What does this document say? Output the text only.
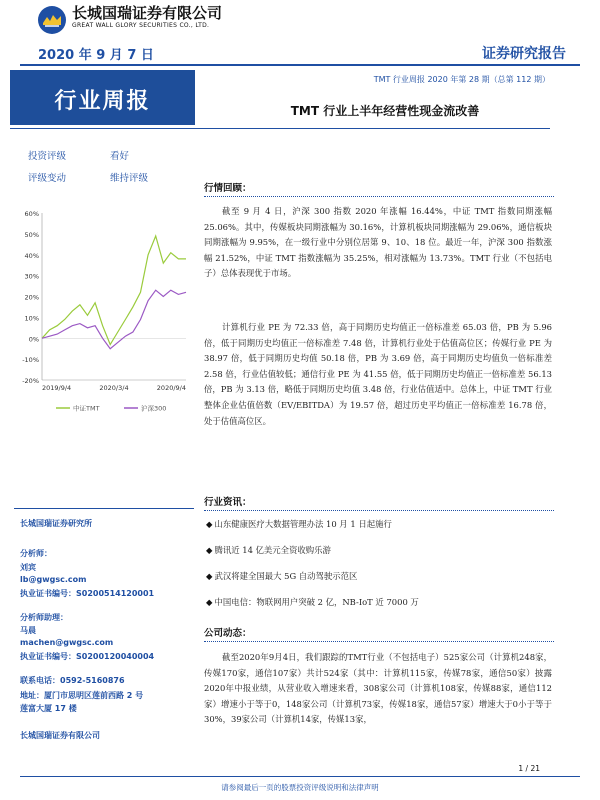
长城国瑞证券有限公司
GREAT WALL GLORY SECURITIES CO., LTD.
2020 年 9 月 7 日	证券研究报告
行业周报
TMT 行业周报 2020 年第 28 期（总第 112 期）
TMT 行业上半年经营性现金流改善
投资评级	看好
评级变动	维持评级
60%
50%
40%
30%
20%
10%
0%
-10%
-20%
2019/9/4	2020/3/4	2020/9/4
中证TMT	沪深300
长城国瑞证券研究所
分析师：
刘宾
lb@gwgsc.com
执业证书编号：S0200514120001
分析师助理：
马晨
machen@gwgsc.com
执业证书编号：S0200120040004
联系电话：0592-5160876
地址：厦门市思明区莲前西路 2 号
莲富大厦 17 楼
长城国瑞证券有限公司
行情回顾：
截至 9 月 4 日，沪深 300 指数 2020 年涨幅 16.44%，中证 TMT 指数同期涨幅 25.06%。其中，传媒板块同期涨幅为 30.16%，计算机板块同期涨幅为 29.06%，通信板块同期涨幅为 9.95%，在一级行业中分别位居第 9、10、18 位。最近一年，沪深 300 指数涨幅 21.52%，中证 TMT 指数涨幅为 35.25%，相对涨幅为 13.73%。TMT 行业（不包括电子）总体表现优于市场。
计算机行业 PE 为 72.33 倍，高于同期历史均值正一倍标准差 65.03 倍，PB 为 5.96 倍，低于同期历史均值正一倍标准差 7.48 倍，计算机行业处于估值高位区；传媒行业 PE 为 38.97 倍，低于同期历史均值 50.18 倍，PB 为 3.69 倍，高于同期历史均值负一倍标准差 2.58 倍，行业估值较低；通信行业 PE 为 41.55 倍，低于同期历史均值正一倍标准差 56.13 倍，PB 为 3.13 倍，略低于同期历史均值 3.48 倍，行业估值适中。总体上，中证 TMT 行业整体企业估值倍数（EV/EBITDA）为 19.57 倍，超过历史平均值正一倍标准差 16.78 倍，处于估值高位区。
行业资讯：
◆ 山东健康医疗大数据管理办法 10 月 1 日起施行
◆ 腾讯近 14 亿美元全资收购乐游
◆ 武汉将建全国最大 5G 自动驾驶示范区
◆ 中国电信：物联网用户突破 2 亿，NB-IoT 近 7000 万
公司动态：
截至2020年9月4日，我们跟踪的TMT行业（不包括电子）525家公司（计算机248家，传媒170家，通信107家）共计524家（其中：计算机115家，传媒78家，通信50家）披露2020年中报业绩，从营业收入增速来看，308家公司（计算机108家，传媒88家，通信112家）增速小于等于0，148家公司（计算机73家，传媒18家，通信57家）增速大于0小于等于30%，39家公司（计算机14家，传媒13家，
1 / 21
请参阅最后一页的股票投资评级说明和法律声明
